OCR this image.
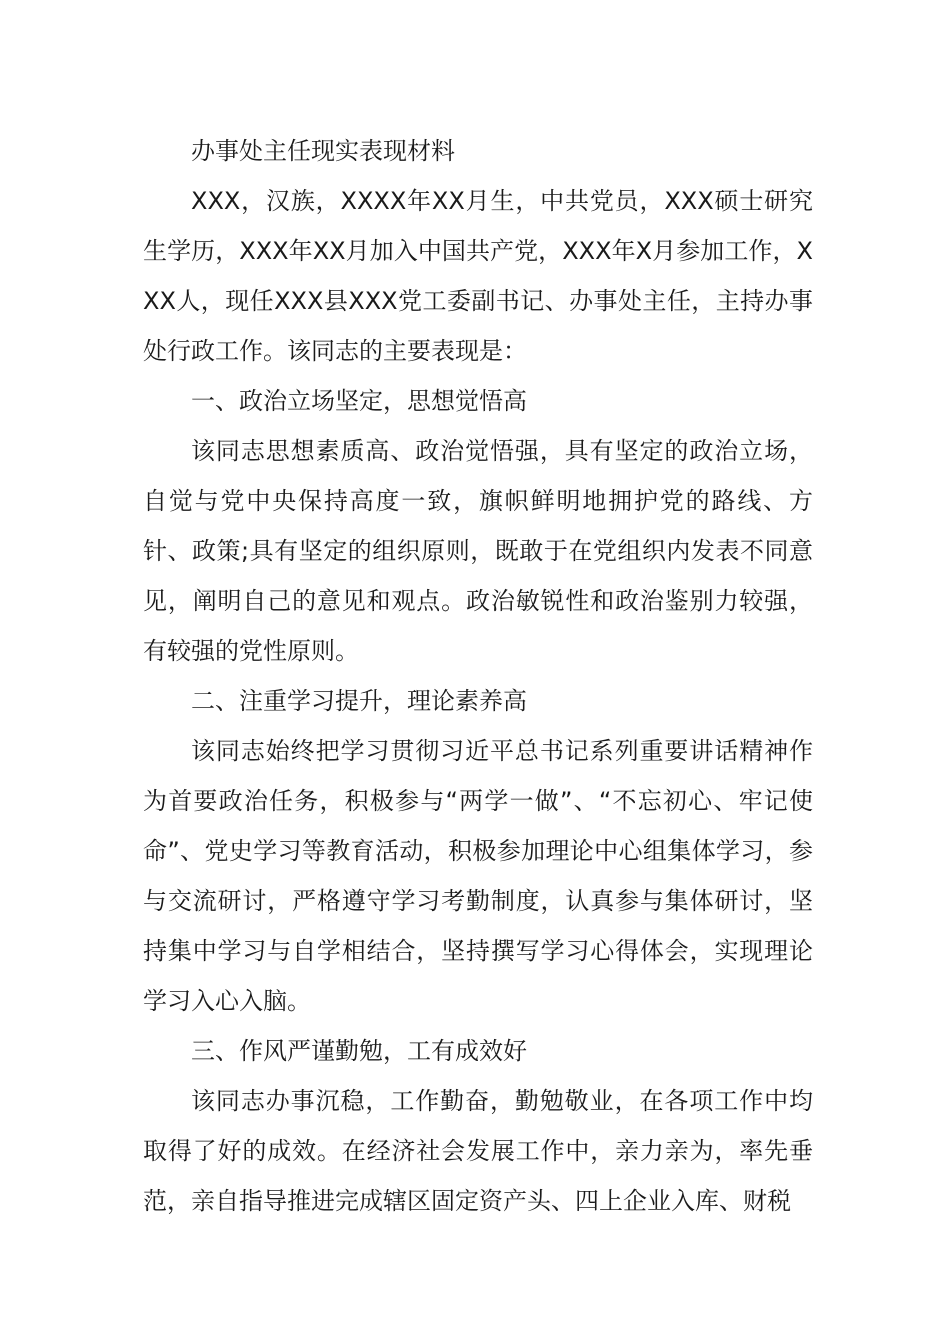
办事处主任现实表现材料

XXX，汉族，XXXX年XX月生，中共党员，XXX硕士研究生学历，XXX年XX月加入中国共产党，XXX年X月参加工作，XXX人，现任XXX县XXX党工委副书记、办事处主任，主持办事处行政工作。该同志的主要表现是：

一、政治立场坚定，思想觉悟高

该同志思想素质高、政治觉悟强，具有坚定的政治立场，自觉与党中央保持高度一致，旗帜鲜明地拥护党的路线、方针、政策;具有坚定的组织原则，既敢于在党组织内发表不同意见，阐明自己的意见和观点。政治敏锐性和政治鉴别力较强，有较强的党性原则。

二、注重学习提升，理论素养高

该同志始终把学习贯彻习近平总书记系列重要讲话精神作为首要政治任务，积极参与“两学一做”、“不忘初心、牢记使命”、党史学习等教育活动，积极参加理论中心组集体学习，参与交流研讨，严格遵守学习考勤制度，认真参与集体研讨，坚持集中学习与自学相结合，坚持撰写学习心得体会，实现理论学习入心入脑。

三、作风严谨勤勉，工有成效好

该同志办事沉稳，工作勤奋，勤勉敬业，在各项工作中均取得了好的成效。在经济社会发展工作中，亲力亲为，率先垂范，亲自指导推进完成辖区固定资产头、四上企业入库、财税
